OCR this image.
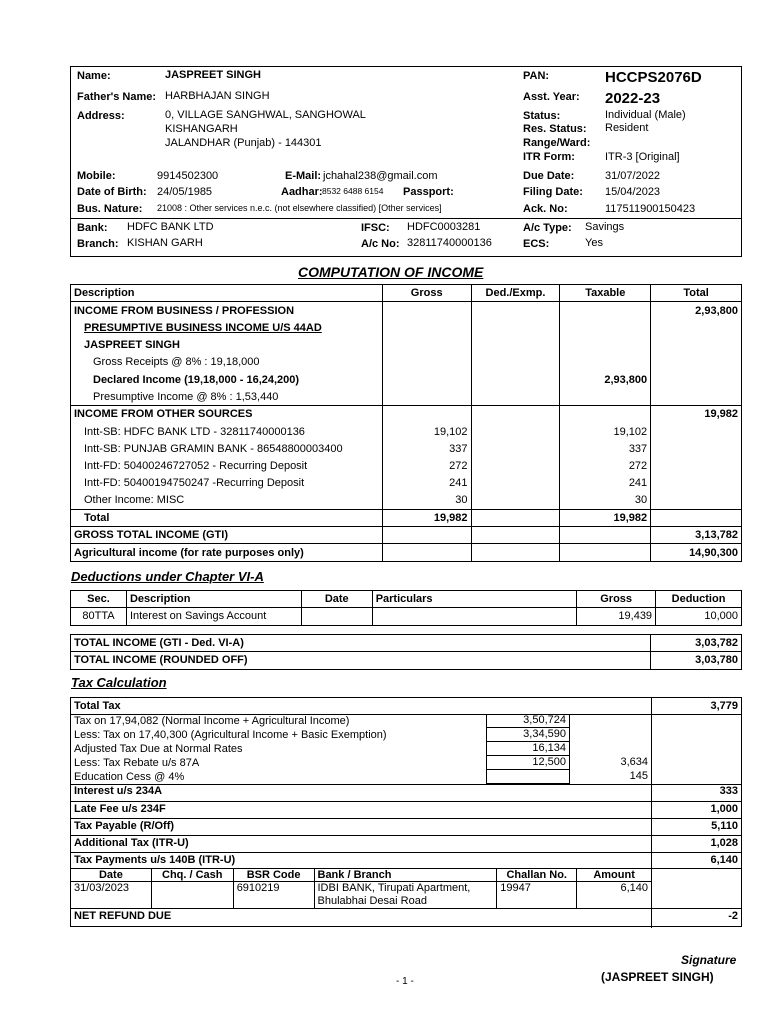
Name:	JASPREET SINGH	PAN:	HCCPS2076D
Father's Name: HARBHAJAN SINGH	Asst. Year: 2022-23
Address:	0, VILLAGE SANGHWAL, SANGHOWAL
KISHANGARH
JALANDHAR (Punjab) - 144301
Status:	Individual (Male)
Res. Status: Resident
Range/Ward:
ITR Form:	ITR-3 [Original]
Mobile:	9914502300	E-Mail: jchahal238@gmail.com	Due Date:	31/07/2022
Date of Birth: 24/05/1985	Aadhar: 8532 6488 6154 Passport:	Filing Date: 15/04/2023
Bus. Nature: 21008 : Other services n.e.c. (not elsewhere classified) [Other services]	Ack. No:	117511900150423
Bank: HDFC BANK LTD	IFSC: HDFC0003281	A/c Type: Savings
Branch: KISHAN GARH	A/c No: 32811740000136	ECS:	Yes
COMPUTATION OF INCOME
Description	Gross	Ded./Exmp.	Taxable	Total
INCOME FROM BUSINESS / PROFESSION				2,93,800
PRESUMPTIVE BUSINESS INCOME U/S 44AD				
JASPREET SINGH				
Gross Receipts @ 8% : 19,18,000				
Declared Income (19,18,000 - 16,24,200)			2,93,800	
Presumptive Income @ 8% : 1,53,440				
INCOME FROM OTHER SOURCES				19,982
Intt-SB: HDFC BANK LTD - 32811740000136	19,102		19,102	
Intt-SB: PUNJAB GRAMIN BANK - 86548800003400	337		337	
Intt-FD: 50400246727052 - Recurring Deposit	272		272	
Intt-FD: 50400194750247 -Recurring Deposit	241		241	
Other Income: MISC	30		30	
Total	19,982		19,982	
GROSS TOTAL INCOME (GTI)				3,13,782
Agricultural income (for rate purposes only)				14,90,300
Deductions under Chapter VI-A
Sec.	Description	Date	Particulars	Gross	Deduction
80TTA	Interest on Savings Account			19,439	10,000
TOTAL INCOME (GTI - Ded. VI-A)	3,03,782
TOTAL INCOME (ROUNDED OFF)	3,03,780
Tax Calculation
Total Tax	3,779
Tax on 17,94,082 (Normal Income + Agricultural Income)	3,50,724
Less: Tax on 17,40,300 (Agricultural Income + Basic Exemption)	3,34,590
Adjusted Tax Due at Normal Rates	16,134
Less: Tax Rebate u/s 87A	12,500	3,634
Education Cess @ 4%	145
Interest u/s 234A	333
Late Fee u/s 234F	1,000
Tax Payable (R/Off)	5,110
Additional Tax (ITR-U)	1,028
Tax Payments u/s 140B (ITR-U)	6,140
Date	Chq. / Cash	BSR Code	Bank / Branch	Challan No.	Amount
31/03/2023		6910219	IDBI BANK, Tirupati Apartment,
Bhulabhai Desai Road	19947	6,140
NET REFUND DUE	-2
Signature
(JASPREET SINGH)
- 1 -
